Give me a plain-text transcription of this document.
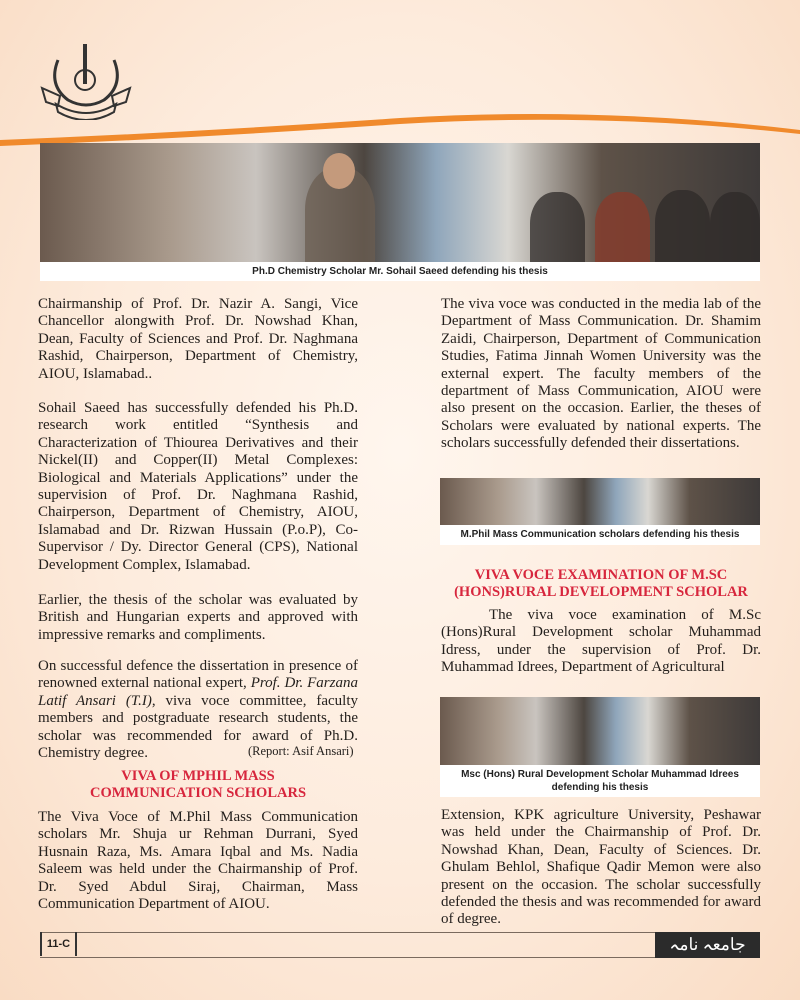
Ph.D Chemistry Scholar Mr. Sohail Saeed defending his thesis

Chairmanship of Prof. Dr. Nazir A. Sangi, Vice Chancellor alongwith Prof. Dr. Nowshad Khan, Dean, Faculty of Sciences and Prof. Dr. Naghmana Rashid, Chairperson, Department of Chemistry, AIOU, Islamabad..

Sohail Saeed has successfully defended his Ph.D. research work entitled “Synthesis and Characterization of Thiourea Derivatives and their Nickel(II) and Copper(II) Metal Complexes: Biological and Materials Applications” under the supervision of Prof. Dr. Naghmana Rashid, Chairperson, Department of Chemistry, AIOU, Islamabad and Dr. Rizwan Hussain (P.o.P), Co-Supervisor / Dy. Director General (CPS), National Development Complex, Islamabad.

Earlier, the thesis of the scholar was evaluated by British and Hungarian experts and approved with impressive remarks and compliments.

On successful defence the dissertation in presence of renowned external national expert, Prof. Dr. Farzana Latif Ansari (T.I), viva voce committee, faculty members and postgraduate research students, the scholar was recommended for award of Ph.D. Chemistry degree.	(Report: Asif Ansari)
VIVA OF MPHIL MASS COMMUNICATION SCHOLARS

The Viva Voce of M.Phil Mass Communication scholars Mr. Shuja ur Rehman Durrani, Syed Husnain Raza, Ms. Amara Iqbal and Ms. Nadia Saleem was held under the Chairmanship of Prof. Dr. Syed Abdul Siraj, Chairman, Mass Communication Department of AIOU.

The viva voce was conducted in the media lab of the Department of Mass Communication. Dr. Shamim Zaidi, Chairperson, Department of Communication Studies, Fatima Jinnah Women University was the external expert. The faculty members of the department of Mass Communication, AIOU were also present on the occasion. Earlier, the theses of Scholars were evaluated by national experts. The scholars successfully defended their dissertations.

M.Phil Mass Communication scholars defending his thesis
VIVA VOCE EXAMINATION OF M.SC (HONS)RURAL DEVELOPMENT SCHOLAR

The viva voce examination of M.Sc (Hons)Rural Development scholar Muhammad Idress, under the supervision of Prof. Dr. Muhammad Idrees, Department of Agricultural

Msc (Hons) Rural Development Scholar Muhammad Idrees defending his thesis

Extension, KPK agriculture University, Peshawar was held under the Chairmanship of Prof. Dr. Nowshad Khan, Dean, Faculty of Sciences. Dr. Ghulam Behlol, Shafique Qadir Memon were also present on the occasion. The scholar successfully defended the thesis and was recommended for award of degree.

11-C	جامعہ نامہ
